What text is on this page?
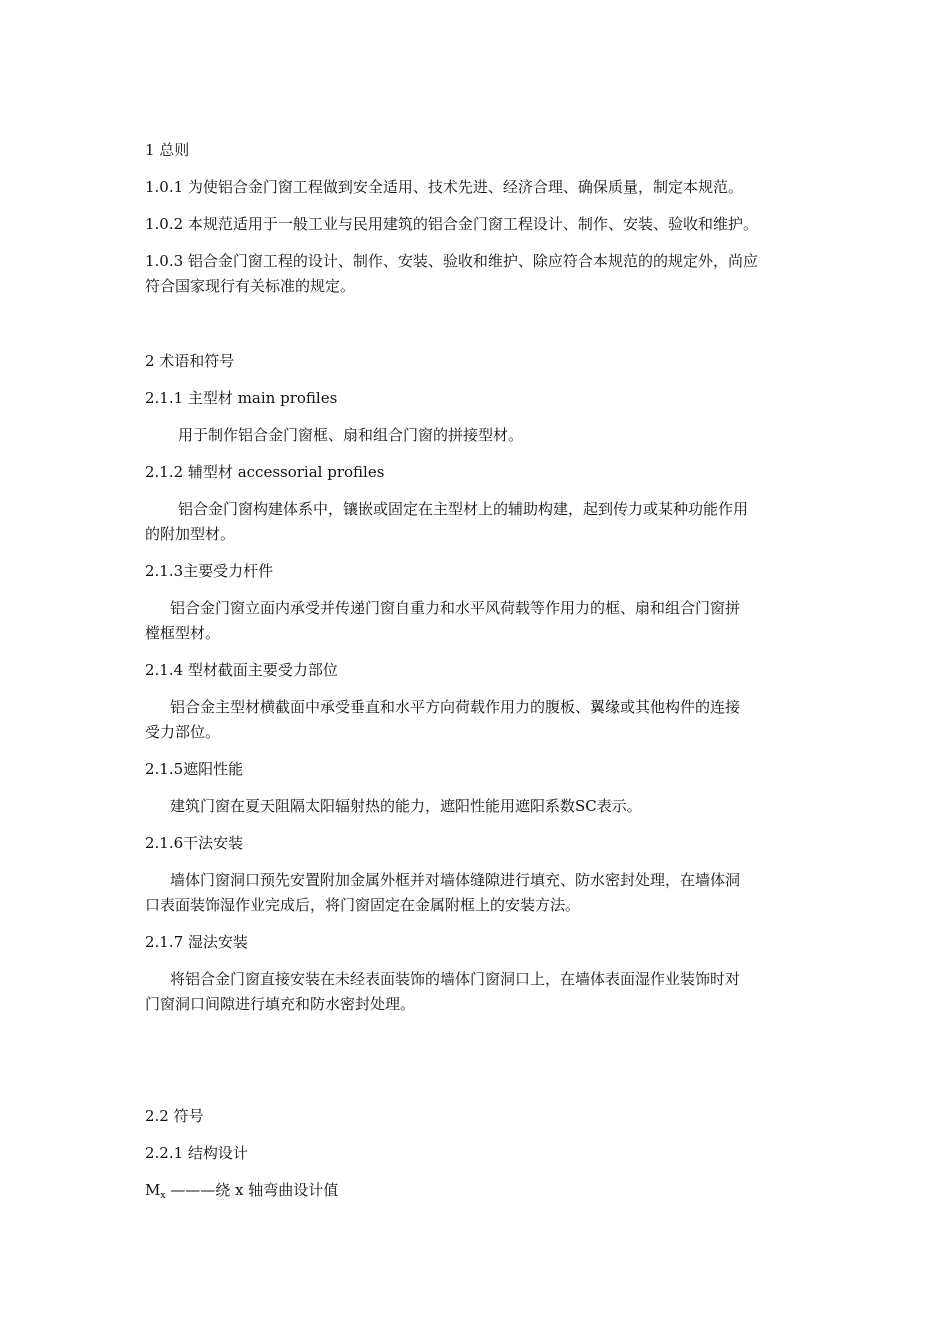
1 总则
1.0.1 为使铝合金门窗工程做到安全适用、技术先进、经济合理、确保质量，制定本规范。
1.0.2 本规范适用于一般工业与民用建筑的铝合金门窗工程设计、制作、安装、验收和维护。
1.0.3 铝合金门窗工程的设计、制作、安装、验收和维护、除应符合本规范的的规定外，尚应
符合国家现行有关标准的规定。
2 术语和符号
2.1.1 主型材 main profiles
用于制作铝合金门窗框、扇和组合门窗的拼接型材。
2.1.2 辅型材 accessorial profiles
铝合金门窗构建体系中，镶嵌或固定在主型材上的辅助构建，起到传力或某种功能作用
的附加型材。
2.1.3主要受力杆件
铝合金门窗立面内承受并传递门窗自重力和水平风荷载等作用力的框、扇和组合门窗拼
樘框型材。
2.1.4 型材截面主要受力部位
铝合金主型材横截面中承受垂直和水平方向荷载作用力的腹板、翼缘或其他构件的连接
受力部位。
2.1.5遮阳性能
建筑门窗在夏天阻隔太阳辐射热的能力，遮阳性能用遮阳系数SC表示。
2.1.6干法安装
墙体门窗洞口预先安置附加金属外框并对墙体缝隙进行填充、防水密封处理，在墙体洞
口表面装饰湿作业完成后，将门窗固定在金属附框上的安装方法。
2.1.7 湿法安装
将铝合金门窗直接安装在未经表面装饰的墙体门窗洞口上，在墙体表面湿作业装饰时对
门窗洞口间隙进行填充和防水密封处理。
2.2 符号
2.2.1 结构设计
$M_x$ ———绕 x 轴弯曲设计值
